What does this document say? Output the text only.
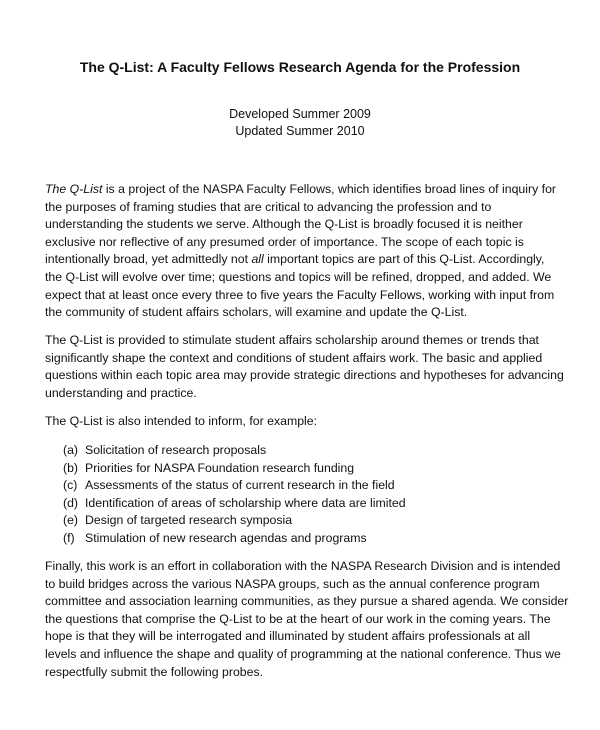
The Q-List: A Faculty Fellows Research Agenda for the Profession
Developed Summer 2009
Updated Summer 2010

The Q-List is a project of the NASPA Faculty Fellows, which identifies broad lines of inquiry for
the purposes of framing studies that are critical to advancing the profession and to
understanding the students we serve. Although the Q-List is broadly focused it is neither
exclusive nor reflective of any presumed order of importance. The scope of each topic is
intentionally broad, yet admittedly not all important topics are part of this Q-List. Accordingly,
the Q-List will evolve over time; questions and topics will be refined, dropped, and added. We
expect that at least once every three to five years the Faculty Fellows, working with input from
the community of student affairs scholars, will examine and update the Q-List.

The Q-List is provided to stimulate student affairs scholarship around themes or trends that
significantly shape the context and conditions of student affairs work. The basic and applied
questions within each topic area may provide strategic directions and hypotheses for advancing
understanding and practice.

The Q-List is also intended to inform, for example:

(a) Solicitation of research proposals
(b) Priorities for NASPA Foundation research funding
(c) Assessments of the status of current research in the field
(d) Identification of areas of scholarship where data are limited
(e) Design of targeted research symposia
(f) Stimulation of new research agendas and programs

Finally, this work is an effort in collaboration with the NASPA Research Division and is intended
to build bridges across the various NASPA groups, such as the annual conference program
committee and association learning communities, as they pursue a shared agenda. We consider
the questions that comprise the Q-List to be at the heart of our work in the coming years. The
hope is that they will be interrogated and illuminated by student affairs professionals at all
levels and influence the shape and quality of programming at the national conference. Thus we
respectfully submit the following probes.
